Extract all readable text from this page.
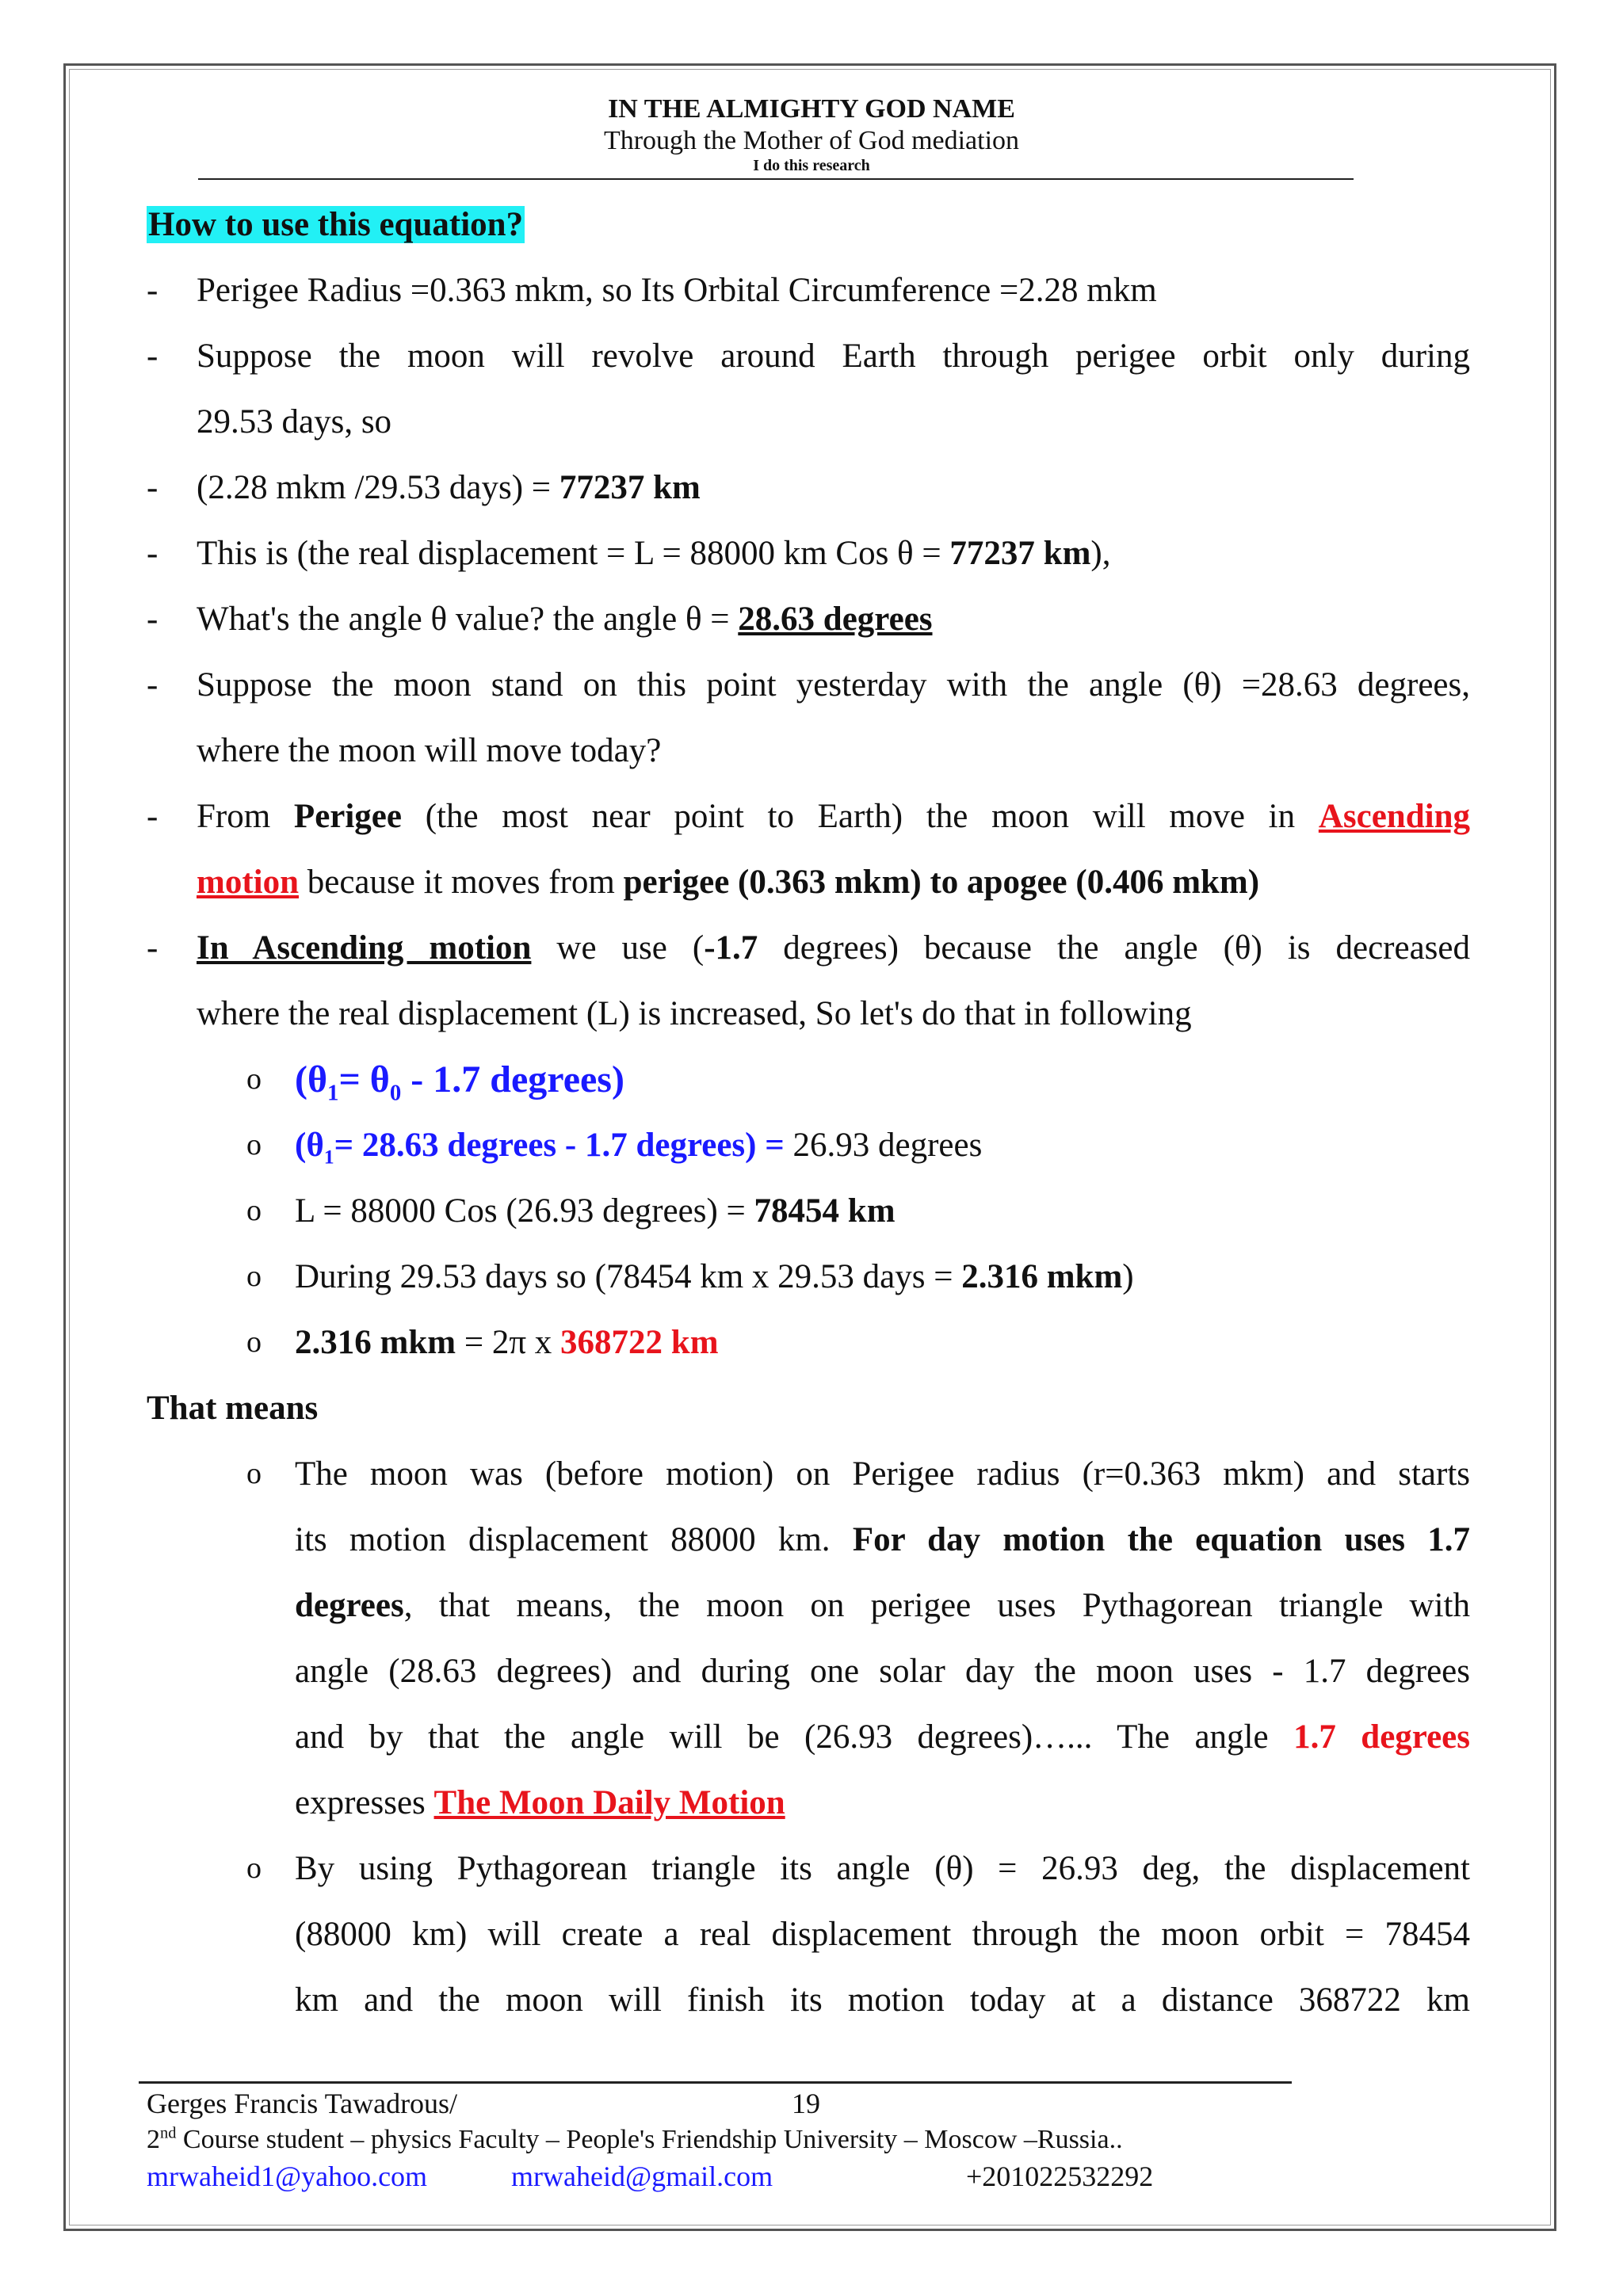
IN THE ALMIGHTY GOD NAME
Through the Mother of God mediation
I do this research
How to use this equation?
- Perigee Radius =0.363 mkm, so Its Orbital Circumference =2.28 mkm
- Suppose the moon will revolve around Earth through perigee orbit only during
29.53 days, so
- (2.28 mkm /29.53 days) = 77237 km
- This is (the real displacement = L = 88000 km Cos θ = 77237 km),
- What's the angle θ value? the angle θ = 28.63 degrees
- Suppose the moon stand on this point yesterday with the angle (θ) =28.63 degrees,
where the moon will move today?
- From Perigee (the most near point to Earth) the moon will move in Ascending
motion because it moves from perigee (0.363 mkm) to apogee (0.406 mkm)
- In Ascending motion we use (-1.7 degrees) because the angle (θ) is decreased
where the real displacement (L) is increased, So let's do that in following
o ($\theta_1= \theta_0 - 1.7$ degrees)
o ($\theta_1= 28.63$ degrees - 1.7 degrees) = 26.93 degrees
o L = 88000 Cos (26.93 degrees) = 78454 km
o During 29.53 days so (78454 km x 29.53 days = 2.316 mkm)
o 2.316 mkm = 2π x 368722 km
That means
o The moon was (before motion) on Perigee radius (r=0.363 mkm) and starts
its motion displacement 88000 km. For day motion the equation uses 1.7
degrees, that means, the moon on perigee uses Pythagorean triangle with
angle (28.63 degrees) and during one solar day the moon uses - 1.7 degrees
and by that the angle will be (26.93 degrees)…... The angle 1.7 degrees
expresses The Moon Daily Motion
o By using Pythagorean triangle its angle (θ) = 26.93 deg, the displacement
(88000 km) will create a real displacement through the moon orbit = 78454
km and the moon will finish its motion today at a distance 368722 km
Gerges Francis Tawadrous/	19
2nd Course student – physics Faculty – People's Friendship University – Moscow –Russia..
mrwaheid1@yahoo.com	mrwaheid@gmail.com	+201022532292
